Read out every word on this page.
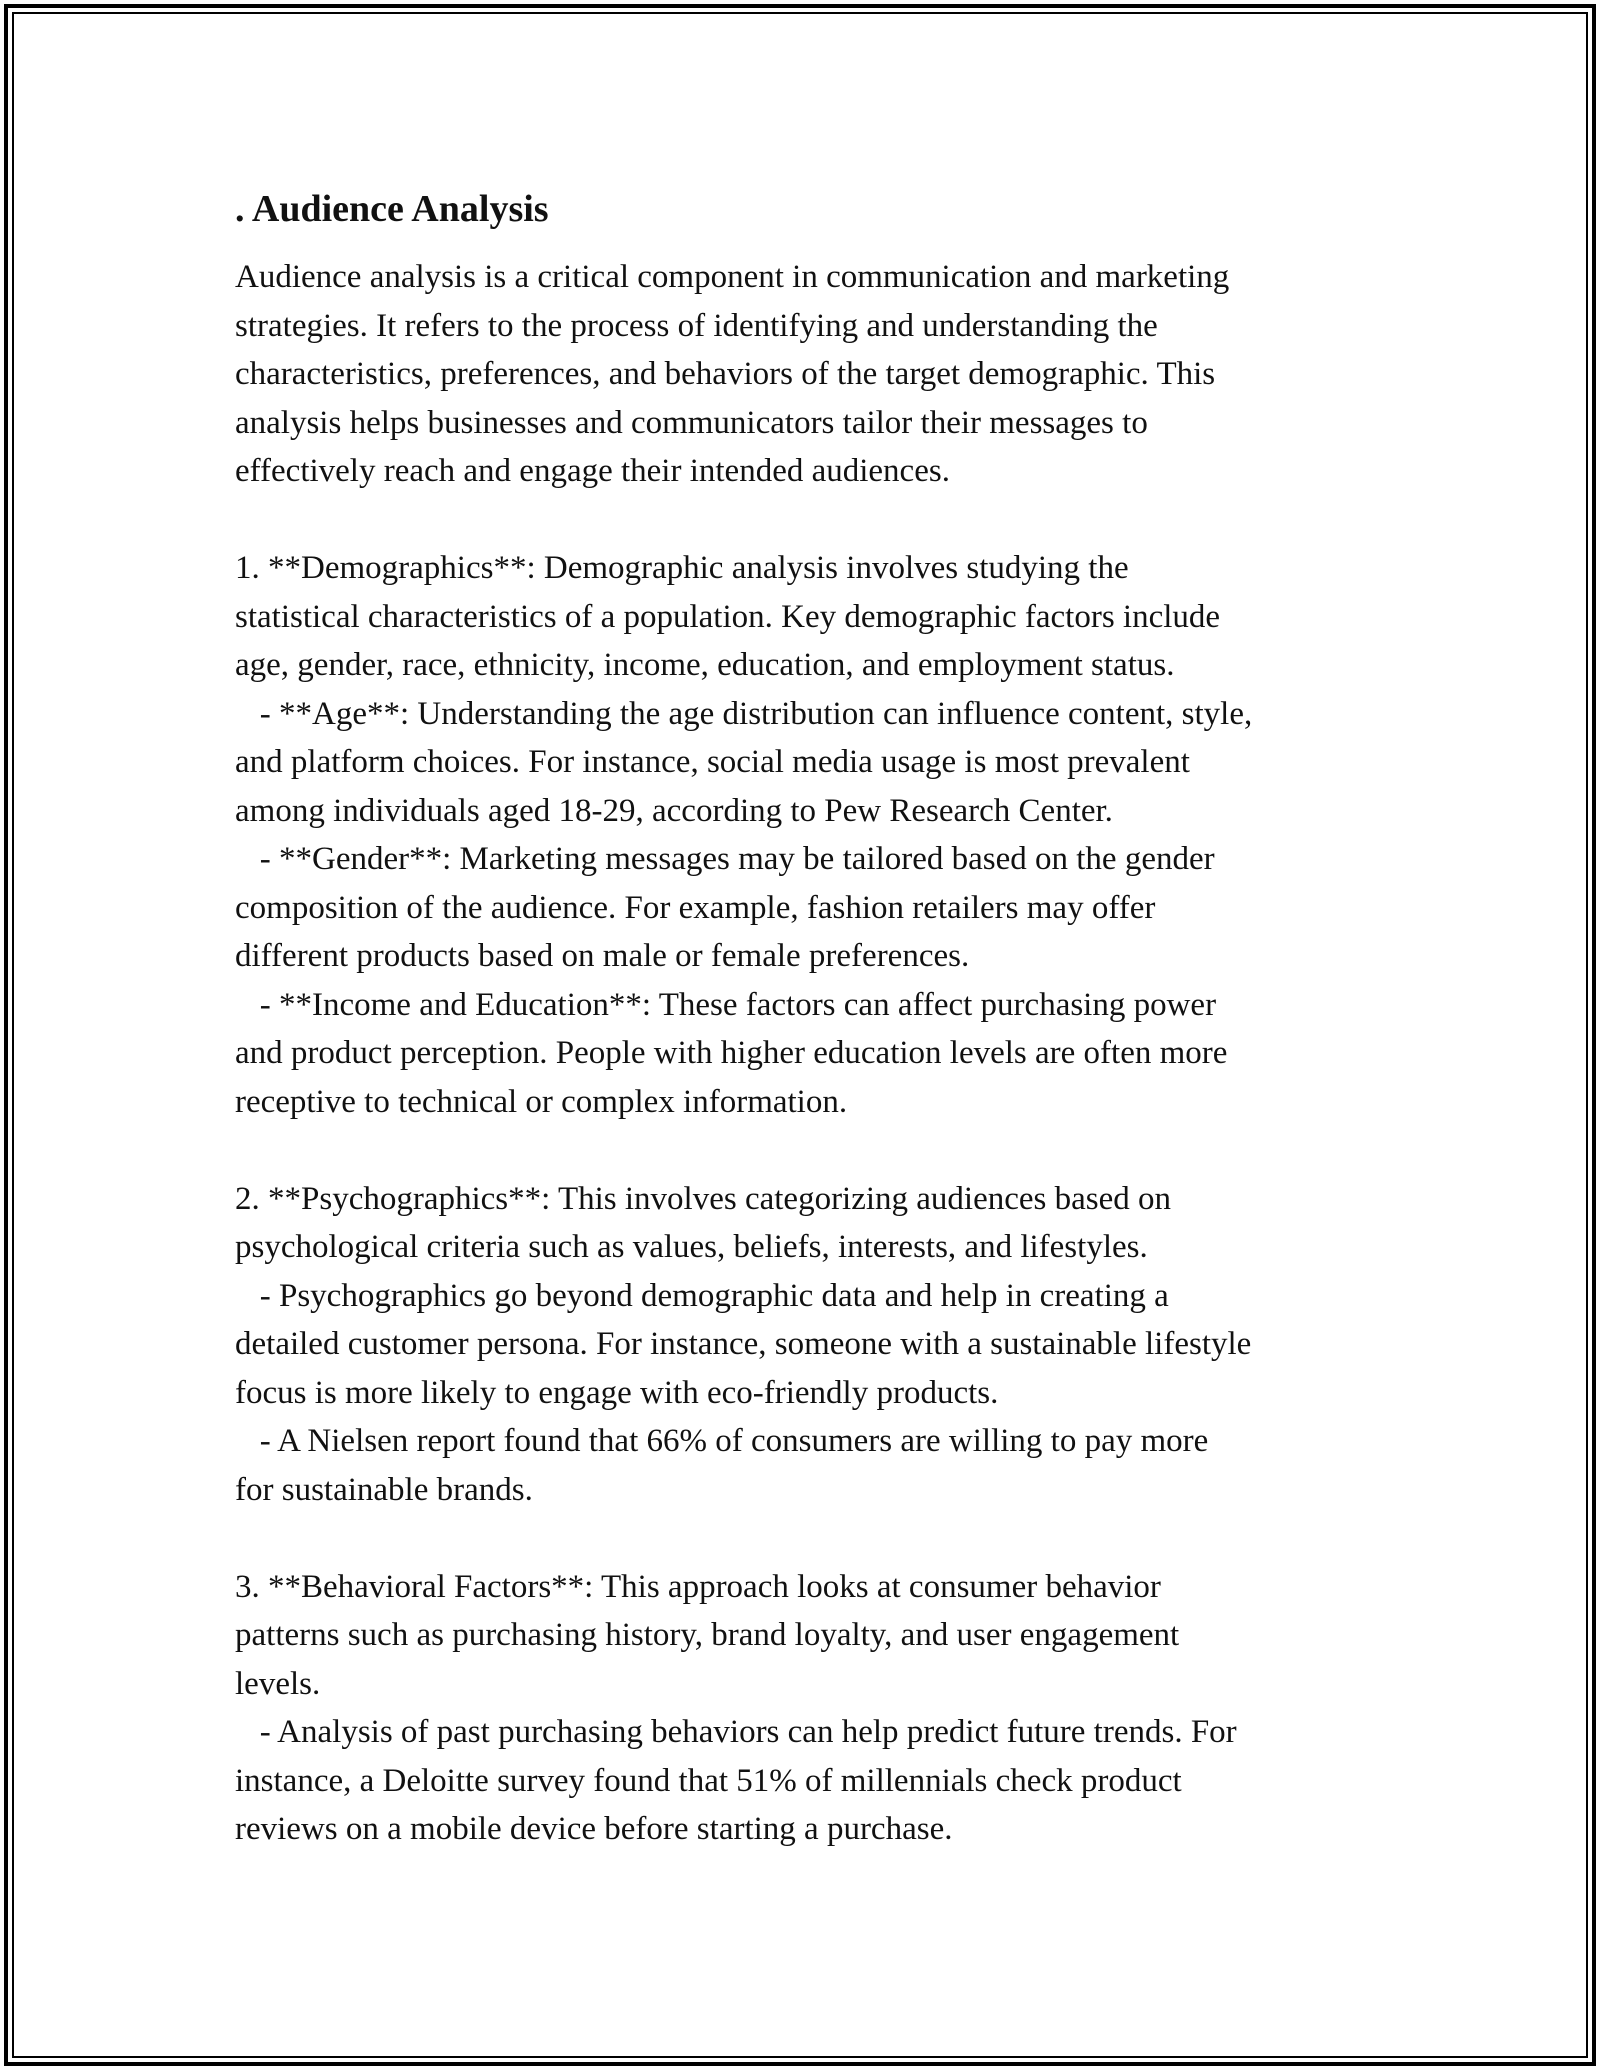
. Audience Analysis
Audience analysis is a critical component in communication and marketing
strategies. It refers to the process of identifying and understanding the
characteristics, preferences, and behaviors of the target demographic. This
analysis helps businesses and communicators tailor their messages to
effectively reach and engage their intended audiences.
1. **Demographics**: Demographic analysis involves studying the
statistical characteristics of a population. Key demographic factors include
age, gender, race, ethnicity, income, education, and employment status.
- **Age**: Understanding the age distribution can influence content, style,
and platform choices. For instance, social media usage is most prevalent
among individuals aged 18-29, according to Pew Research Center.
- **Gender**: Marketing messages may be tailored based on the gender
composition of the audience. For example, fashion retailers may offer
different products based on male or female preferences.
- **Income and Education**: These factors can affect purchasing power
and product perception. People with higher education levels are often more
receptive to technical or complex information.
2. **Psychographics**: This involves categorizing audiences based on
psychological criteria such as values, beliefs, interests, and lifestyles.
- Psychographics go beyond demographic data and help in creating a
detailed customer persona. For instance, someone with a sustainable lifestyle
focus is more likely to engage with eco-friendly products.
- A Nielsen report found that 66% of consumers are willing to pay more
for sustainable brands.
3. **Behavioral Factors**: This approach looks at consumer behavior
patterns such as purchasing history, brand loyalty, and user engagement
levels.
- Analysis of past purchasing behaviors can help predict future trends. For
instance, a Deloitte survey found that 51% of millennials check product
reviews on a mobile device before starting a purchase.
